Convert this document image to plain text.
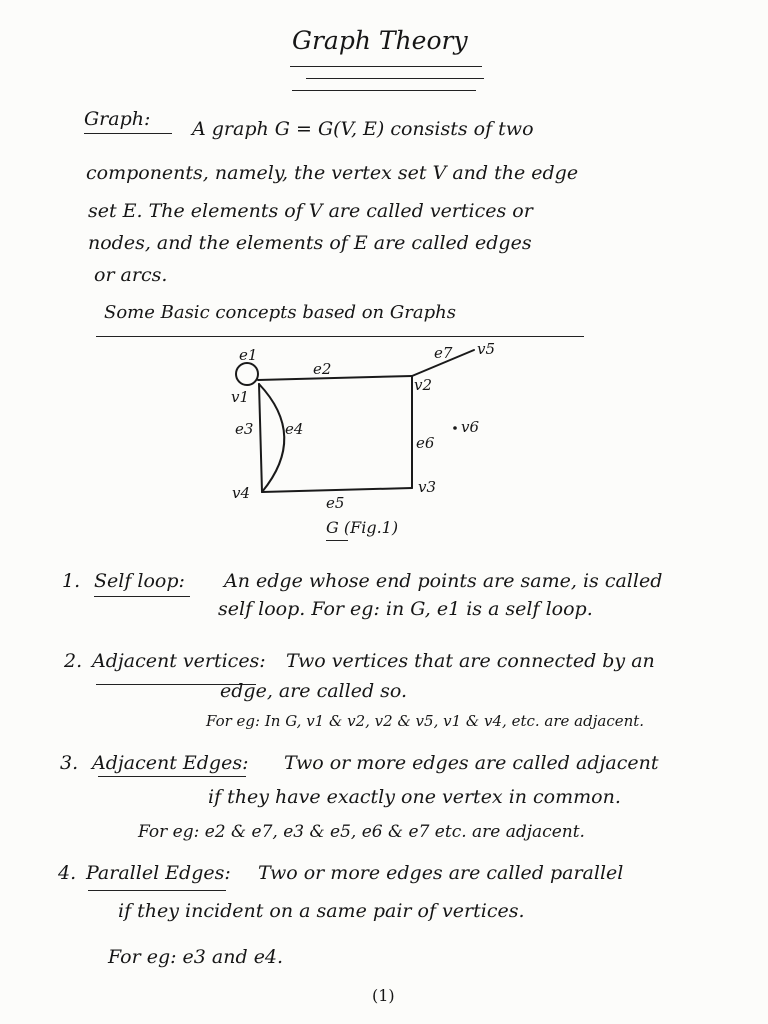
Graph Theory
Graph: A graph G = G(V, E) consists of two
components, namely, the vertex set V and the edge
set E. The elements of V are called vertices or
nodes, and the elements of E are called edges
or arcs.
Some Basic concepts based on Graphs
e1
v1
e2
e7 v5
v2
e3 e4
e6
v6
v4	v3
e5
G (Fig.1)
1. Self loop: An edge whose end points are same, is called
self loop. For eg: in G, e1 is a self loop.
2. Adjacent vertices: Two vertices that are connected by an
edge, are called so.
For eg: In G, v1 & v2, v2 & v5, v1 & v4, etc. are adjacent.
3. Adjacent Edges: Two or more edges are called adjacent
if they have exactly one vertex in common.
For eg: e2 & e7, e3 & e5, e6 & e7 etc. are adjacent.
4. Parallel Edges: Two or more edges are called parallel
if they incident on a same pair of vertices.
For eg: e3 and e4.
(1)
